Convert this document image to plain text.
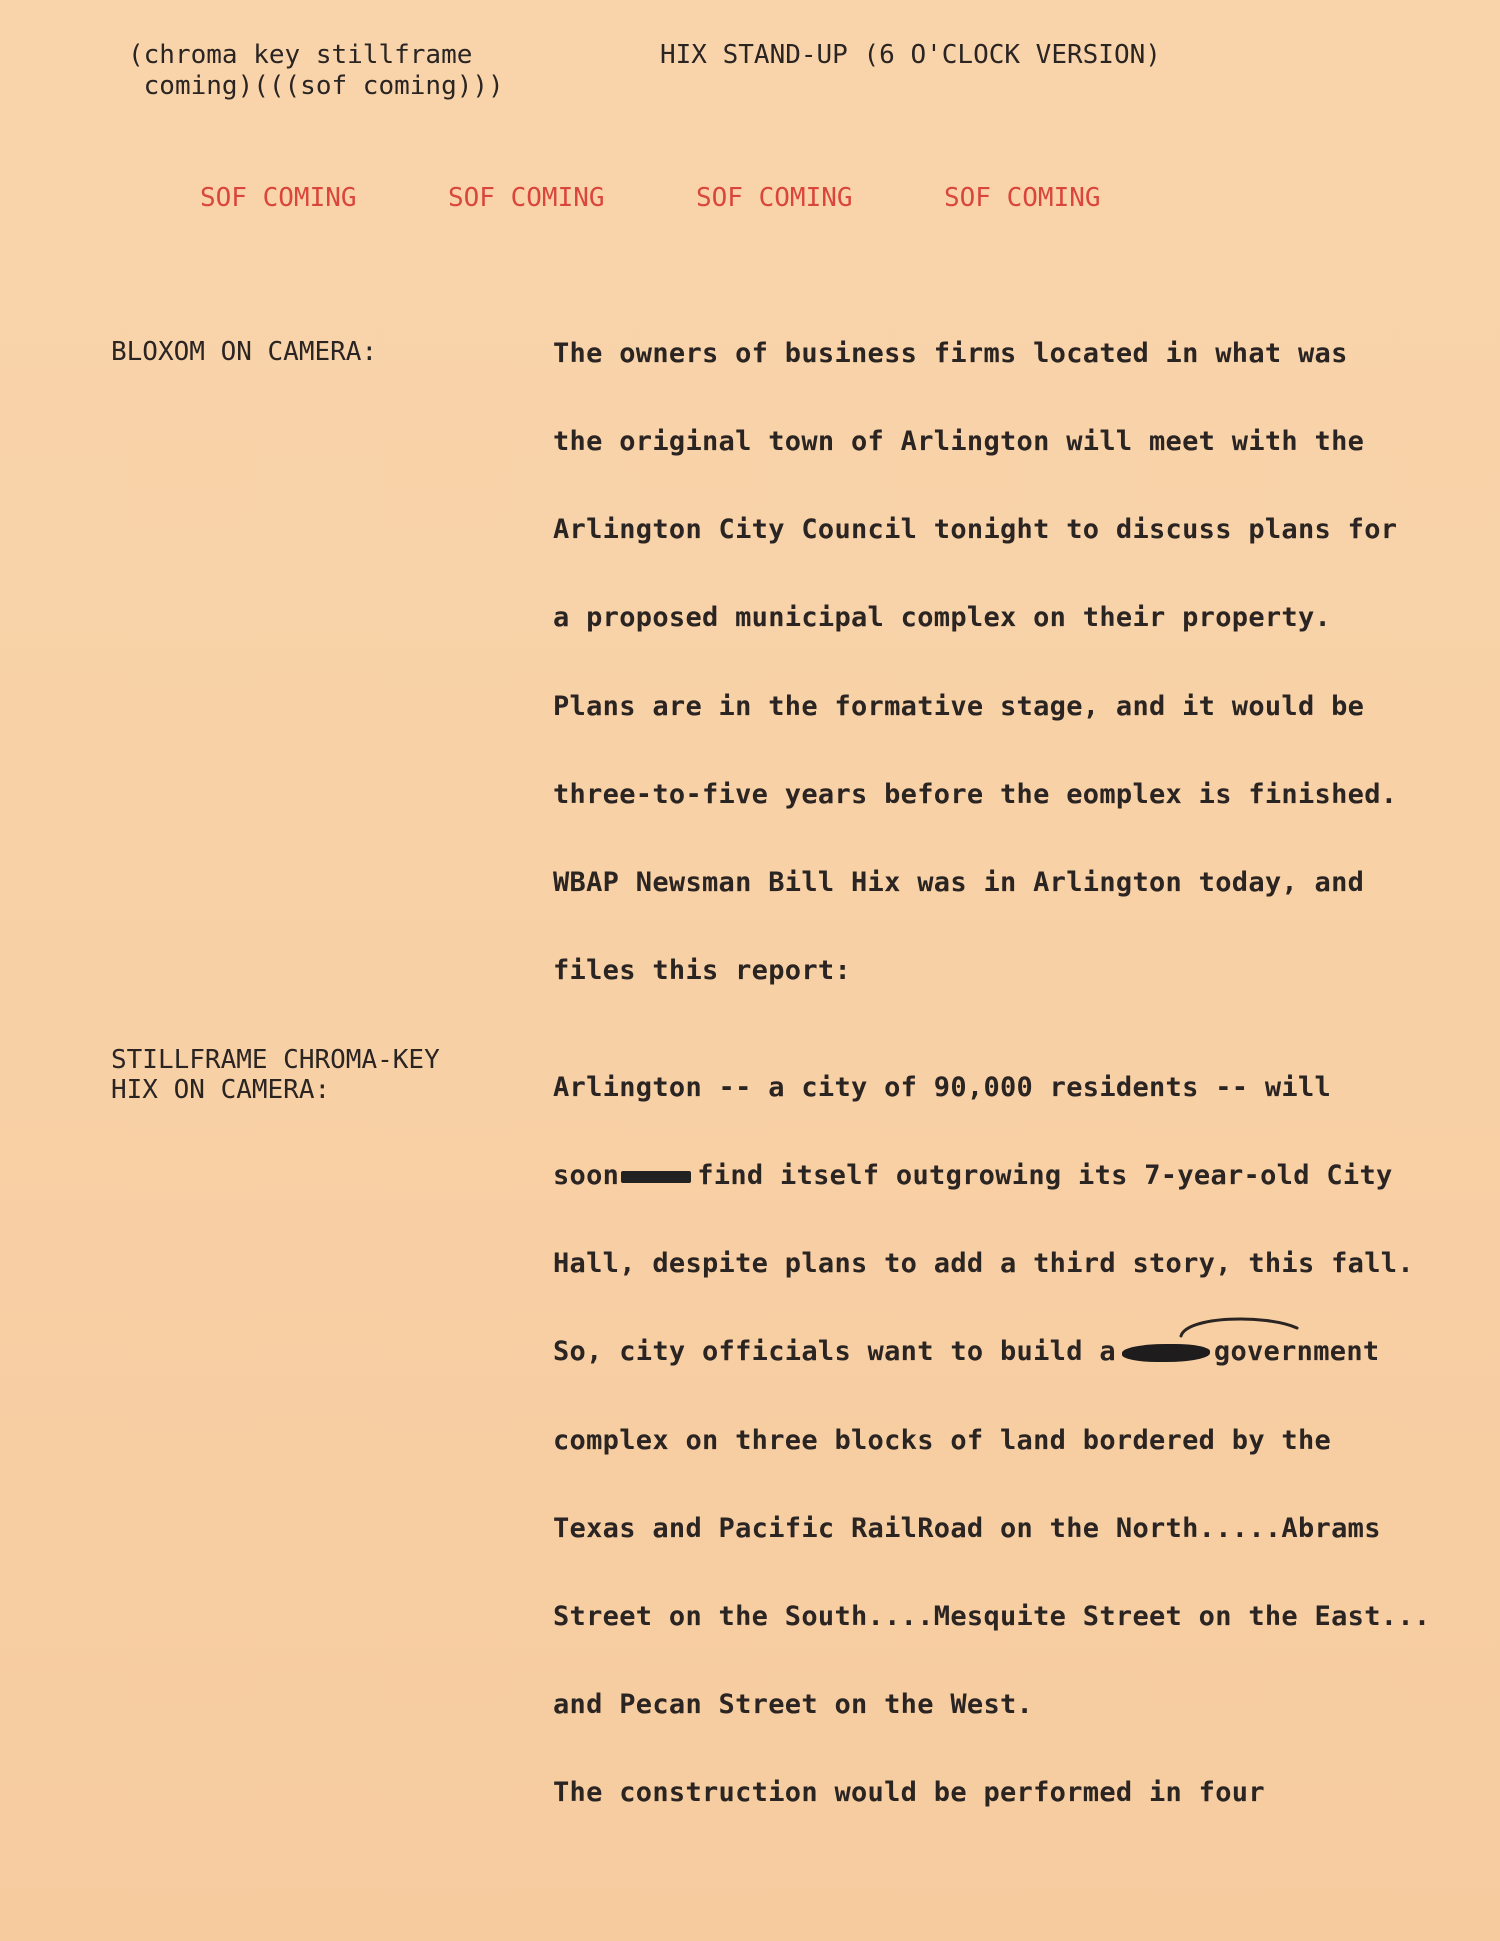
(chroma key stillframe
coming)(((sof coming)))
HIX STAND-UP (6 O'CLOCK VERSION)
SOF COMING	SOF COMING	SOF COMING	SOF COMING
BLOXOM ON CAMERA:
STILLFRAME CHROMA-KEY
HIX ON CAMERA:
The owners of business firms located in what was
the original town of Arlington will meet with the
Arlington City Council tonight to discuss plans for
a proposed municipal complex on their property.
Plans are in the formative stage, and it would be
three-to-five years before the eomplex is finished.
WBAP Newsman Bill Hix was in Arlington today, and
files this report:
Arlington -- a city of 90,000 residents -- will
soon	find itself outgrowing its 7-year-old City
Hall, despite plans to add a third story, this fall.
So, city officials want to build a	government
complex on three blocks of land bordered by the
Texas and Pacific RailRoad on the North.....Abrams
Street on the South....Mesquite Street on the East...
and Pecan Street on the West.
The construction would be performed in four
